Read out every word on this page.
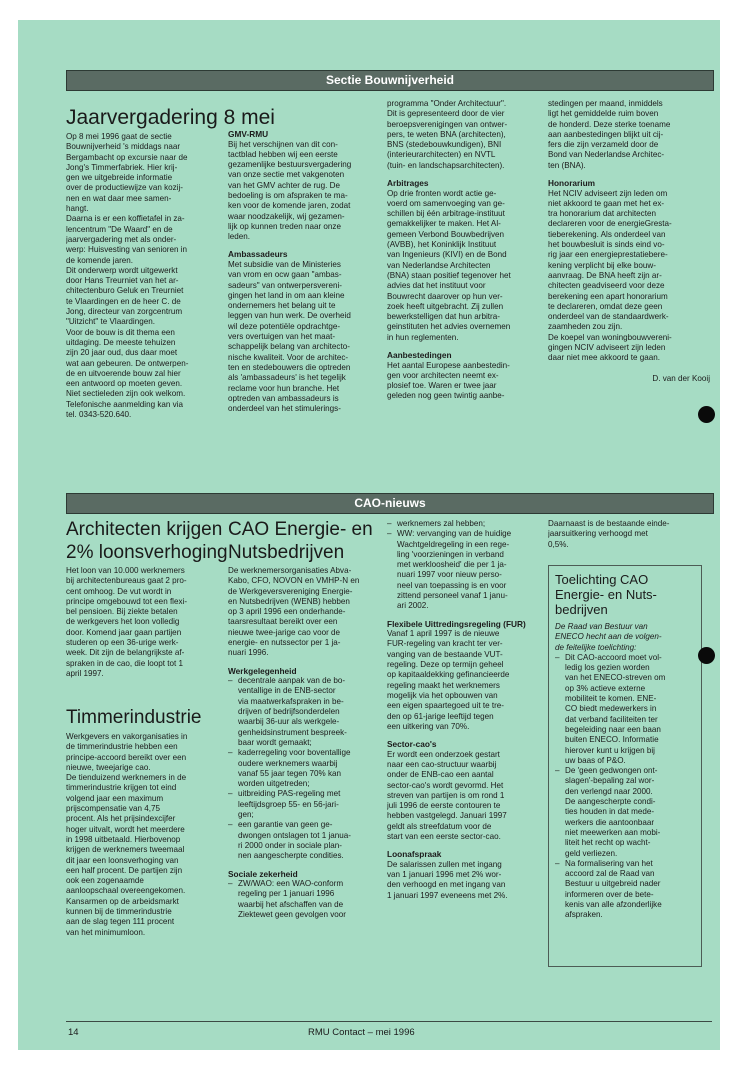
Sectie Bouwnijverheid
Jaarvergadering 8 mei

Op 8 mei 1996 gaat de sectie
Bouwnijverheid 's middags naar
Bergambacht op excursie naar de
Jong's Timmerfabriek. Hier krij-
gen we uitgebreide informatie
over de productiewijze van kozij-
nen en wat daar mee samen-
hangt.
Daarna is er een koffietafel in za-
lencentrum "De Waard" en de
jaarvergadering met als onder-
werp: Huisvesting van senioren in
de komende jaren.
Dit onderwerp wordt uitgewerkt
door Hans Treurniet van het ar-
chitectenburo Geluk en Treurniet
te Vlaardingen en de heer C. de
Jong, directeur van zorgcentrum
"Uitzicht" te Vlaardingen.
Voor de bouw is dit thema een
uitdaging. De meeste tehuizen
zijn 20 jaar oud, dus daar moet
wat aan gebeuren. De ontwerpen-
de en uitvoerende bouw zal hier
een antwoord op moeten geven.
Niet sectieleden zijn ook welkom.
Telefonische aanmelding kan via
tel. 0343-520.640.

GMV-RMU

Bij het verschijnen van dit con-
tactblad hebben wij een eerste
gezamenlijke bestuursvergadering
van onze sectie met vakgenoten
van het GMV achter de rug. De
bedoeling is om afspraken te ma-
ken voor de komende jaren, zodat
waar noodzakelijk, wij gezamen-
lijk op kunnen treden naar onze
leden.

Ambassadeurs

Met subsidie van de Ministeries
van vrom en ocw gaan "ambas-
sadeurs" van ontwerpersvereni-
gingen het land in om aan kleine
ondernemers het belang uit te
leggen van hun werk. De overheid
wil deze potentiële opdrachtge-
vers overtuigen van het maat-
schappelijk belang van architecto-
nische kwaliteit. Voor de architec-
ten en stedebouwers die optreden
als 'ambassadeurs' is het tegelijk
reclame voor hun branche. Het
optreden van ambassadeurs is
onderdeel van het stimulerings-

programma "Onder Architectuur".
Dit is gepresenteerd door de vier
beroepsverenigingen van ontwer-
pers, te weten BNA (architecten),
BNS (stedebouwkundigen), BNI
(interieurarchitecten) en NVTL
(tuin- en landschapsarchitecten).

Arbitrages

Op drie fronten wordt actie ge-
voerd om samenvoeging van ge-
schillen bij één arbitrage-instituut
gemakkelijker te maken. Het Al-
gemeen Verbond Bouwbedrijven
(AVBB), het Koninklijk Instituut
van Ingenieurs (KIVI) en de Bond
van Nederlandse Architecten
(BNA) staan positief tegenover het
advies dat het instituut voor
Bouwrecht daarover op hun ver-
zoek heeft uitgebracht. Zij zullen
bewerkstelligen dat hun arbitra-
geinstituten het advies overnemen
in hun reglementen.

Aanbestedingen

Het aantal Europese aanbestedin-
gen voor architecten neemt ex-
plosief toe. Waren er twee jaar
geleden nog geen twintig aanbe-

stedingen per maand, inmiddels
ligt het gemiddelde ruim boven
de honderd. Deze sterke toename
aan aanbestedingen blijkt uit cij-
fers die zijn verzameld door de
Bond van Nederlandse Architec-
ten (BNA).

Honorarium

Het NCIV adviseert zijn leden om
niet akkoord te gaan met het ex-
tra honorarium dat architecten
declareren voor de energieGresta-
tieberekening. Als onderdeel van
het bouwbesluit is sinds eind vo-
rig jaar een energieprestatiebere-
kening verplicht bij elke bouw-
aanvraag. De BNA heeft zijn ar-
chitecten geadviseerd voor deze
berekening een apart honorarium
te declareren, omdat deze geen
onderdeel van de standaardwerk-
zaamheden zou zijn.
De koepel van woningbouwvereni-
gingen NCIV adviseert zijn leden
daar niet mee akkoord te gaan.

D. van der Kooij

CAO-nieuws
Architecten krijgen
2% loonsverhoging

Het loon van 10.000 werknemers
bij architectenbureaus gaat 2 pro-
cent omhoog. De vut wordt in
principe omgebouwd tot een flexi-
bel pensioen. Bij ziekte betalen
de werkgevers het loon volledig
door. Komend jaar gaan partijen
studeren op een 36-urige werk-
week. Dit zijn de belangrijkste af-
spraken in de cao, die loopt tot 1
april 1997.

Timmerindustrie

Werkgevers en vakorganisaties in
de timmerindustrie hebben een
principe-accoord bereikt over een
nieuwe, tweejarige cao.
De tienduizend werknemers in de
timmerindustrie krijgen tot eind
volgend jaar een maximum
prijscompensatie van 4,75
procent. Als het prijsindexcijfer
hoger uitvalt, wordt het meerdere
in 1998 uitbetaald. Hierbovenop
krijgen de werknemers tweemaal
dit jaar een loonsverhoging van
een half procent. De partijen zijn
ook een zogenaamde
aanloopschaal overeengekomen.
Kansarmen op de arbeidsmarkt
kunnen bij de timmerindustrie
aan de slag tegen 111 procent
van het minimumloon.

CAO Energie- en
Nutsbedrijven

De werknemersorganisaties Abva-
Kabo, CFO, NOVON en VMHP-N en
de Werkgeversvereniging Energie-
en Nutsbedrijven (WENB) hebben
op 3 april 1996 een onderhande-
taarsresultaat bereikt over een
nieuwe twee-jarige cao voor de
energie- en nutssector per 1 ja-
nuari 1996.

Werkgelegenheid
– decentrale aanpak van de bo-
ventallige in de ENB-sector
via maatwerkafspraken in be-
drijven of bedrijfsonderdelen
waarbij 36-uur als werkgele-
genheidsinstrument bespreek-
baar wordt gemaakt;
– kaderregeling voor boventallige
oudere werknemers waarbij
vanaf 55 jaar tegen 70% kan
worden uitgetreden;
– uitbreiding PAS-regeling met
leeftijdsgroep 55- en 56-jari-
gen;
– een garantie van geen ge-
dwongen ontslagen tot 1 janua-
ri 2000 onder in sociale plan-
nen aangescherpte condities.
Sociale zekerheid
– ZW/WAO: een WAO-conform
regeling per 1 januari 1996
waarbij het afschaffen van de
Ziektewet geen gevolgen voor
– werknemers zal hebben;
– WW: vervanging van de huidige
Wachtgeldregeling in een rege-
ling 'voorzieningen in verband
met werkloosheid' die per 1 ja-
nuari 1997 voor nieuw perso-
neel van toepassing is en voor
zittend personeel vanaf 1 janu-
ari 2002.
Flexibele Uittredingsregeling (FUR)

Vanaf 1 april 1997 is de nieuwe
FUR-regeling van kracht ter ver-
vanging van de bestaande VUT-
regeling. Deze op termijn geheel
op kapitaaldekking gefinancieerde
regeling maakt het werknemers
mogelijk via het opbouwen van
een eigen spaartegoed uit te tre-
den op 61-jarige leeftijd tegen
een uitkering van 70%.

Sector-cao's

Er wordt een onderzoek gestart
naar een cao-structuur waarbij
onder de ENB-cao een aantal
sector-cao's wordt gevormd. Het
streven van partijen is om rond 1
juli 1996 de eerste contouren te
hebben vastgelegd. Januari 1997
geldt als streefdatum voor de
start van een eerste sector-cao.

Loonafspraak

De salarissen zullen met ingang
van 1 januari 1996 met 2% wor-
den verhoogd en met ingang van
1 januari 1997 eveneens met 2%.

Daarnaast is de bestaande einde-
jaarsuitkering verhoogd met
0,5%.

Toelichting CAO
Energie- en Nuts-
bedrijven

De Raad van Bestuur van
ENECO hecht aan de volgen-
de feitelijke toelichting:

– Dit CAO-accoord moet vol-
ledig los gezien worden
van het ENECO-streven om
op 3% actieve externe
mobiliteit te komen. ENE-
CO biedt medewerkers in
dat verband faciliteiten ter
begeleiding naar een baan
buiten ENECO. Informatie
hierover kunt u krijgen bij
uw baas of P&O.
– De 'geen gedwongen ont-
slagen'-bepaling zal wor-
den verlengd naar 2000.
De aangescherpte condi-
ties houden in dat mede-
werkers die aantoonbaar
niet meewerken aan mobi-
liteit het recht op wacht-
geld verliezen.
– Na formalisering van het
accoord zal de Raad van
Bestuur u uitgebreid nader
informeren over de bete-
kenis van alle afzonderlijke
afspraken.
14	RMU Contact – mei 1996
